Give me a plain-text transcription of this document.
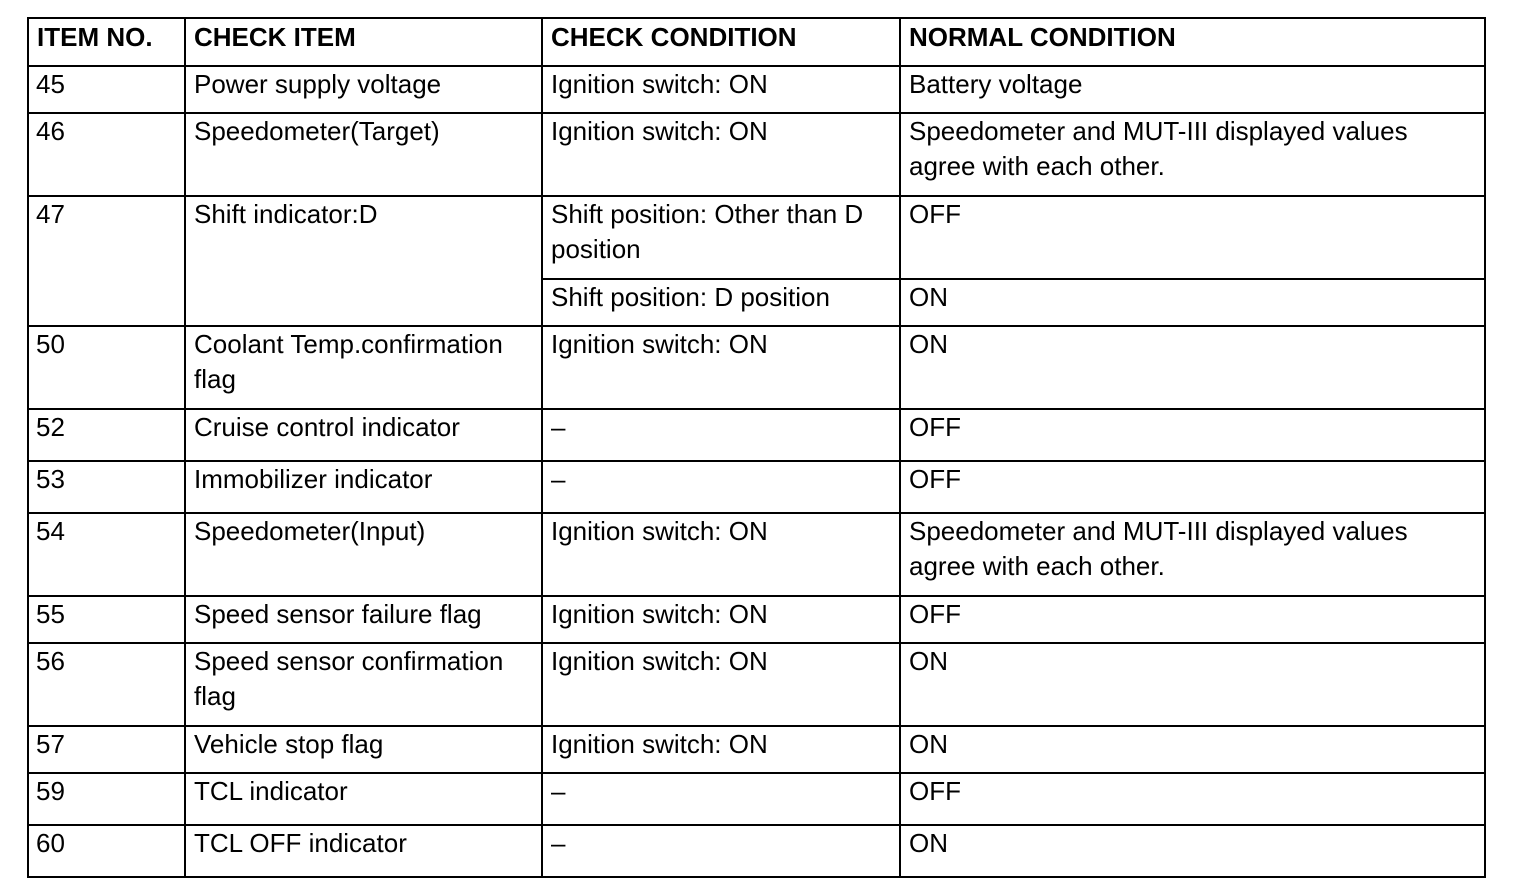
ITEM NO.	CHECK ITEM	CHECK CONDITION	NORMAL CONDITION
45	Power supply voltage	Ignition switch: ON	Battery voltage
46	Speedometer(Target)	Ignition switch: ON	Speedometer and MUT-III displayed values agree with each other.
47	Shift indicator:D	Shift position: Other than D position	OFF
		Shift position: D position	ON
50	Coolant Temp.confirmation flag	Ignition switch: ON	ON
52	Cruise control indicator	–	OFF
53	Immobilizer indicator	–	OFF
54	Speedometer(Input)	Ignition switch: ON	Speedometer and MUT-III displayed values agree with each other.
55	Speed sensor failure flag	Ignition switch: ON	OFF
56	Speed sensor confirmation flag	Ignition switch: ON	ON
57	Vehicle stop flag	Ignition switch: ON	ON
59	TCL indicator	–	OFF
60	TCL OFF indicator	–	ON
